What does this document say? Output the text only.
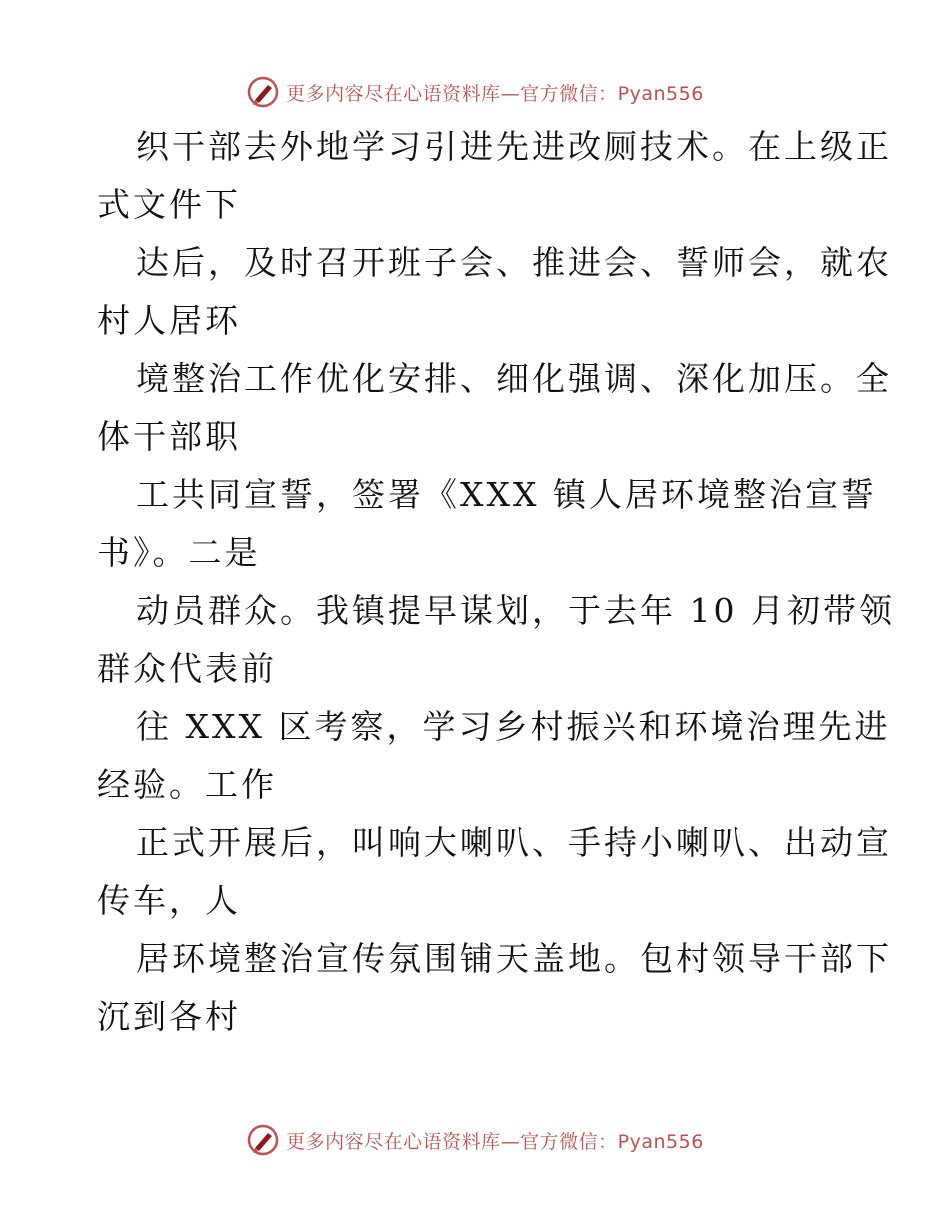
更多内容尽在心语资料库—官方微信：Pyan556
织干部去外地学习引进先进改厕技术。在上级正
式文件下
达后，及时召开班子会、推进会、誓师会，就农
村人居环
境整治工作优化安排、细化强调、深化加压。全
体干部职
工共同宣誓，签署《XXX 镇人居环境整治宣誓
书》。二是
动员群众。我镇提早谋划，于去年 10 月初带领
群众代表前
往 XXX 区考察，学习乡村振兴和环境治理先进
经验。工作
正式开展后，叫响大喇叭、手持小喇叭、出动宣
传车，人
居环境整治宣传氛围铺天盖地。包村领导干部下
沉到各村
更多内容尽在心语资料库—官方微信：Pyan556
